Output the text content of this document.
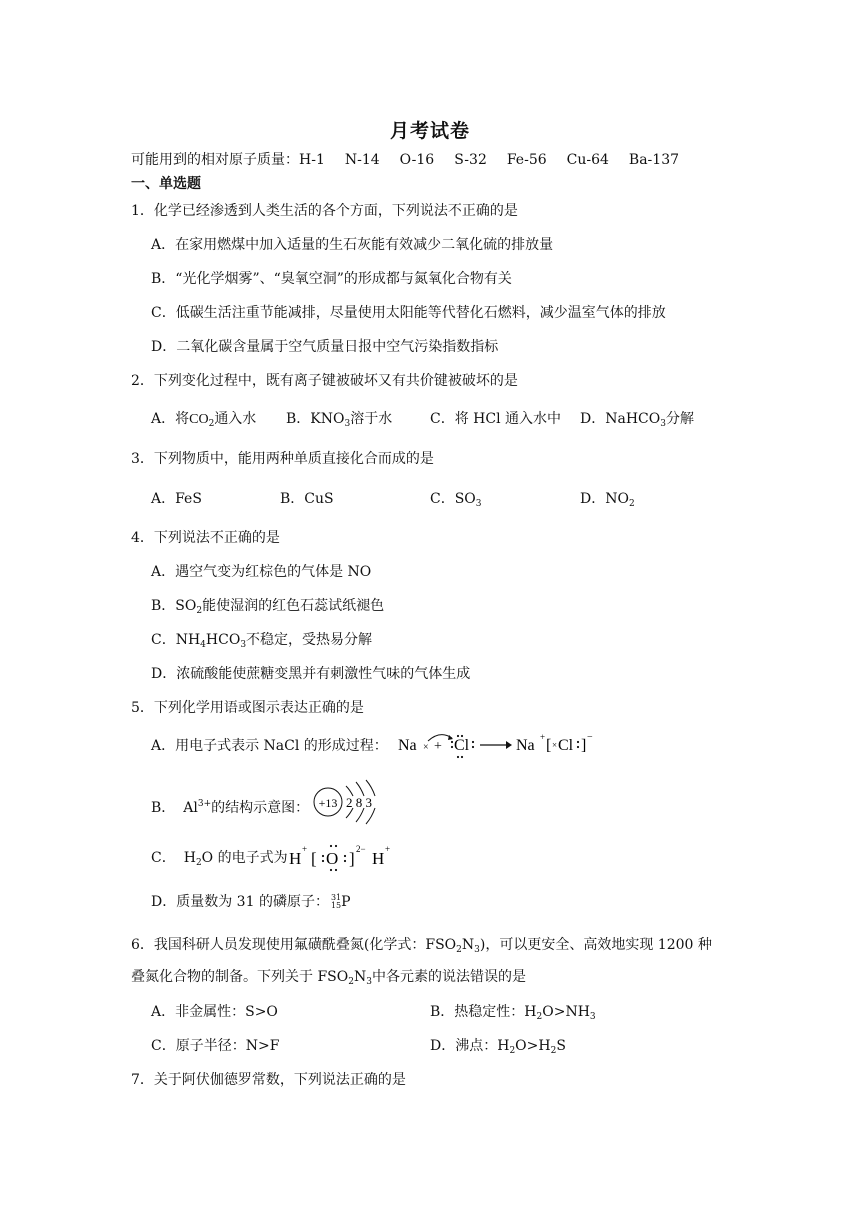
月考试卷
可能用到的相对原子质量：H-1 N-14 O-16 S-32 Fe-56 Cu-64 Ba-137
一、单选题
1．化学已经渗透到人类生活的各个方面，下列说法不正确的是
A．在家用燃煤中加入适量的生石灰能有效减少二氧化硫的排放量
B．“光化学烟雾”、“臭氧空洞”的形成都与氮氧化合物有关
C．低碳生活注重节能减排，尽量使用太阳能等代替化石燃料，减少温室气体的排放
D．二氧化碳含量属于空气质量日报中空气污染指数指标
2．下列变化过程中，既有离子键被破坏又有共价键被破坏的是
A．将$CO_2$通入水 B．$KNO_3$溶于水	C．将 HCl 通入水中 D．NaHCO$_3$分解
3．下列物质中，能用两种单质直接化合而成的是
A．FeS	B．CuS	C．$SO_3$	D．$NO_2$
4．下列说法不正确的是
A．遇空气变为红棕色的气体是 NO
B．$SO_2$能使湿润的红色石蕊试纸褪色
C．$NH_4HCO_3$不稳定，受热易分解
D．浓硫酸能使蔗糖变黑并有刺激性气味的气体生成
5．下列化学用语或图示表达正确的是
A．用电子式表示 NaCl 的形成过程： Na × + Cl	Na + [ × Cl ] −
B． $Al^{3+}$的结构示意图： +13 2 8 3
C． $H_2O$ 的电子式为 H + [ O ] 2− H +
D．质量数为 31 的磷原子： 31
15 P
6．我国科研人员发现使用氟磺酰叠氮(化学式：$FSO_2N_3$)，可以更安全、高效地实现 1200 种
叠氮化合物的制备。下列关于 $FSO_2N_3$中各元素的说法错误的是
A．非金属性：S>O	B．热稳定性：$H_2O>NH_3$
C．原子半径：N>F	D．沸点：$H_2O>H_2S$
7．关于阿伏伽德罗常数，下列说法正确的是
